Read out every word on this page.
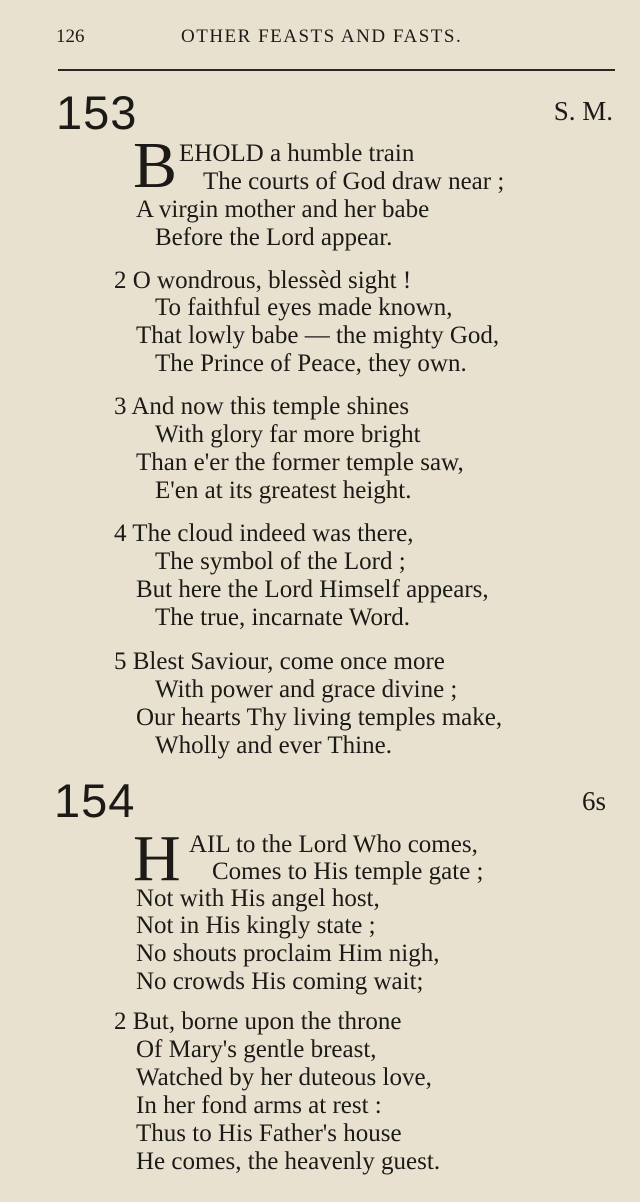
126	OTHER FEASTS AND FASTS.
153	S. M.
B EHOLD a humble train
The courts of God draw near ;
A virgin mother and her babe
Before the Lord appear.
2 O wondrous, blessèd sight !
To faithful eyes made known,
That lowly babe — the mighty God,
The Prince of Peace, they own.
3 And now this temple shines
With glory far more bright
Than e'er the former temple saw,
E'en at its greatest height.
4 The cloud indeed was there,
The symbol of the Lord ;
But here the Lord Himself appears,
The true, incarnate Word.
5 Blest Saviour, come once more
With power and grace divine ;
Our hearts Thy living temples make,
Wholly and ever Thine.
154	6s
H AIL to the Lord Who comes,
Comes to His temple gate ;
Not with His angel host,
Not in His kingly state ;
No shouts proclaim Him nigh,
No crowds His coming wait;
2 But, borne upon the throne
Of Mary's gentle breast,
Watched by her duteous love,
In her fond arms at rest :
Thus to His Father's house
He comes, the heavenly guest.
